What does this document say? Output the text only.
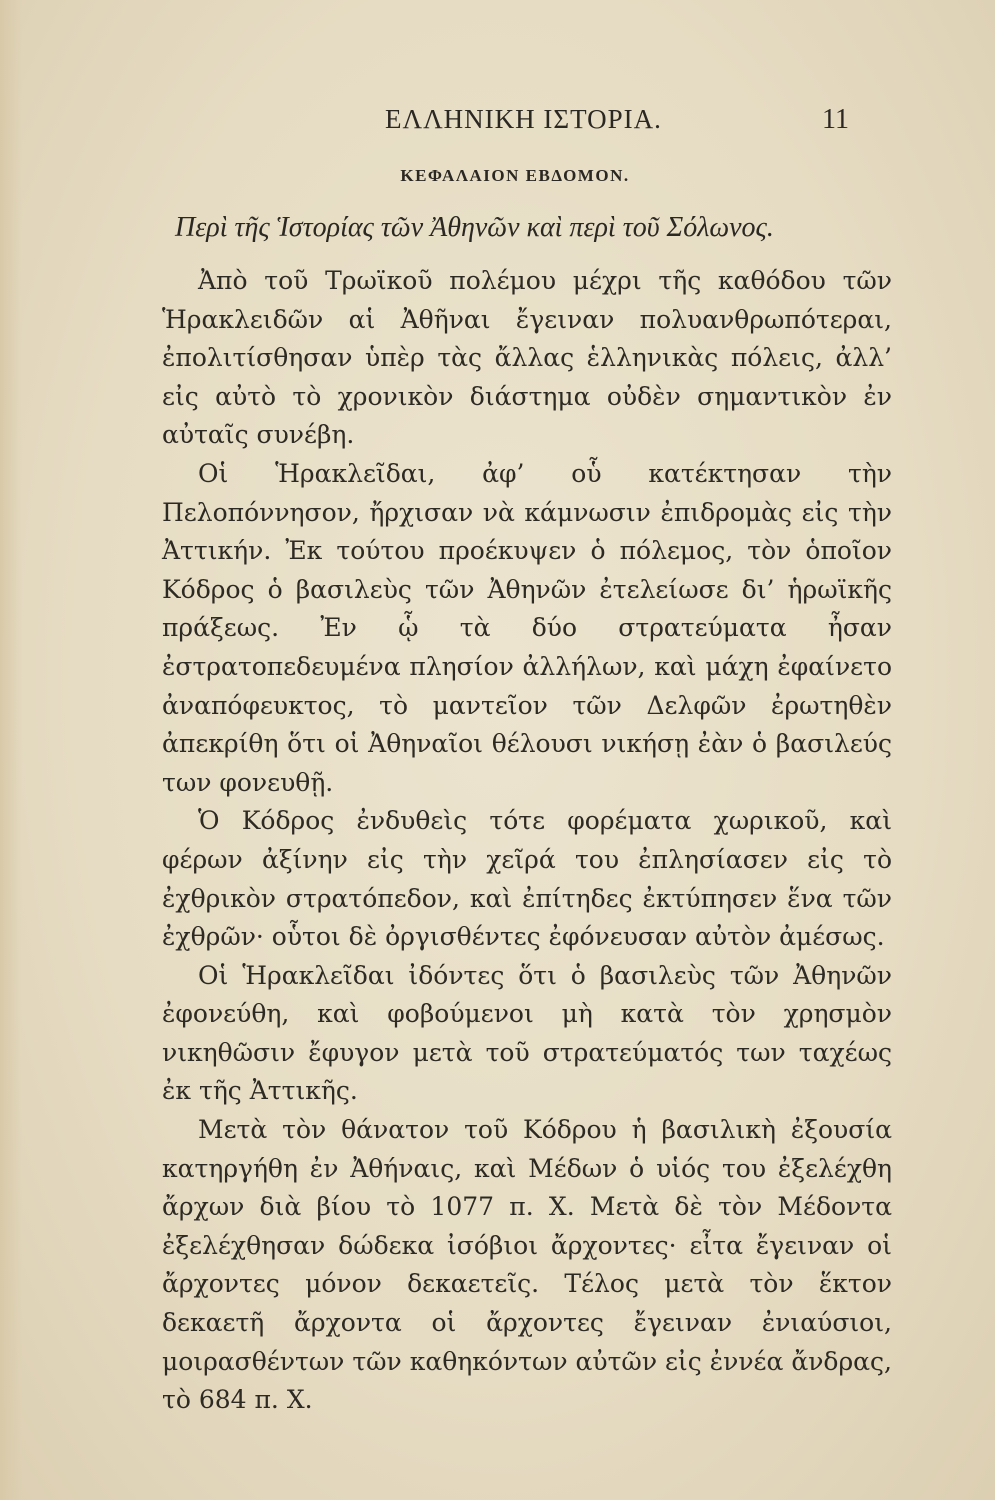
ΕΛΛΗΝΙΚΗ ΙΣΤΟΡΙΑ.	11
ΚΕΦΑΛΑΙΟΝ ΕΒΔΟΜΟΝ.
Περὶ τῆς Ἱστορίας τῶν Ἀθηνῶν καὶ περὶ τοῦ Σόλωνος.

Ἀπὸ τοῦ Τρωϊκοῦ πολέμου μέχρι τῆς καθόδου τῶν Ἡρακλειδῶν αἱ Ἀθῆναι ἔγειναν πολυανθρωπότεραι, ἐπολιτίσθησαν ὑπὲρ τὰς ἄλλας ἑλληνικὰς πόλεις, ἀλλ’ εἰς αὐτὸ τὸ χρονικὸν διάστημα οὐδὲν σημαντικὸν ἐν αὐταῖς συνέβη.

Οἱ Ἡρακλεῖδαι, ἀφ’ οὗ κατέκτησαν τὴν Πελοπόννησον, ἤρχισαν νὰ κάμνωσιν ἐπιδρομὰς εἰς τὴν Ἀττικήν. Ἐκ τούτου προέκυψεν ὁ πόλεμος, τὸν ὁποῖον Κόδρος ὁ βασιλεὺς τῶν Ἀθηνῶν ἐτελείωσε δι’ ἡρωϊκῆς πράξεως. Ἐν ᾧ τὰ δύο στρατεύματα ἦσαν ἐστρατοπεδευμένα πλησίον ἀλλήλων, καὶ μάχη ἐφαίνετο ἀναπόφευκτος, τὸ μαντεῖον τῶν Δελφῶν ἐρωτηθὲν ἀπεκρίθη ὅτι οἱ Ἀθηναῖοι θέλουσι νικήσῃ ἐὰν ὁ βασιλεύς των φονευθῇ.

Ὁ Κόδρος ἐνδυθεὶς τότε φορέματα χωρικοῦ, καὶ φέρων ἀξίνην εἰς τὴν χεῖρά του ἐπλησίασεν εἰς τὸ ἐχθρικὸν στρατόπεδον, καὶ ἐπίτηδες ἐκτύπησεν ἕνα τῶν ἐχθρῶν· οὗτοι δὲ ὀργισθέντες ἐφόνευσαν αὐτὸν ἀμέσως.

Οἱ Ἡρακλεῖδαι ἰδόντες ὅτι ὁ βασιλεὺς τῶν Ἀθηνῶν ἐφονεύθη, καὶ φοβούμενοι μὴ κατὰ τὸν χρησμὸν νικηθῶσιν ἔφυγον μετὰ τοῦ στρατεύματός των ταχέως ἐκ τῆς Ἀττικῆς.

Μετὰ τὸν θάνατον τοῦ Κόδρου ἡ βασιλικὴ ἐξουσία κατηργήθη ἐν Ἀθήναις, καὶ Μέδων ὁ υἱός του ἐξελέχθη ἄρχων διὰ βίου τὸ 1077 π. Χ. Μετὰ δὲ τὸν Μέδοντα ἐξελέχθησαν δώδεκα ἰσόβιοι ἄρχοντες· εἶτα ἔγειναν οἱ ἄρχοντες μόνον δεκαετεῖς. Τέλος μετὰ τὸν ἕκτον δεκαετῆ ἄρχοντα οἱ ἄρχοντες ἔγειναν ἐνιαύσιοι, μοιρασθέντων τῶν καθηκόντων αὐτῶν εἰς ἐννέα ἄνδρας, τὸ 684 π. Χ.
